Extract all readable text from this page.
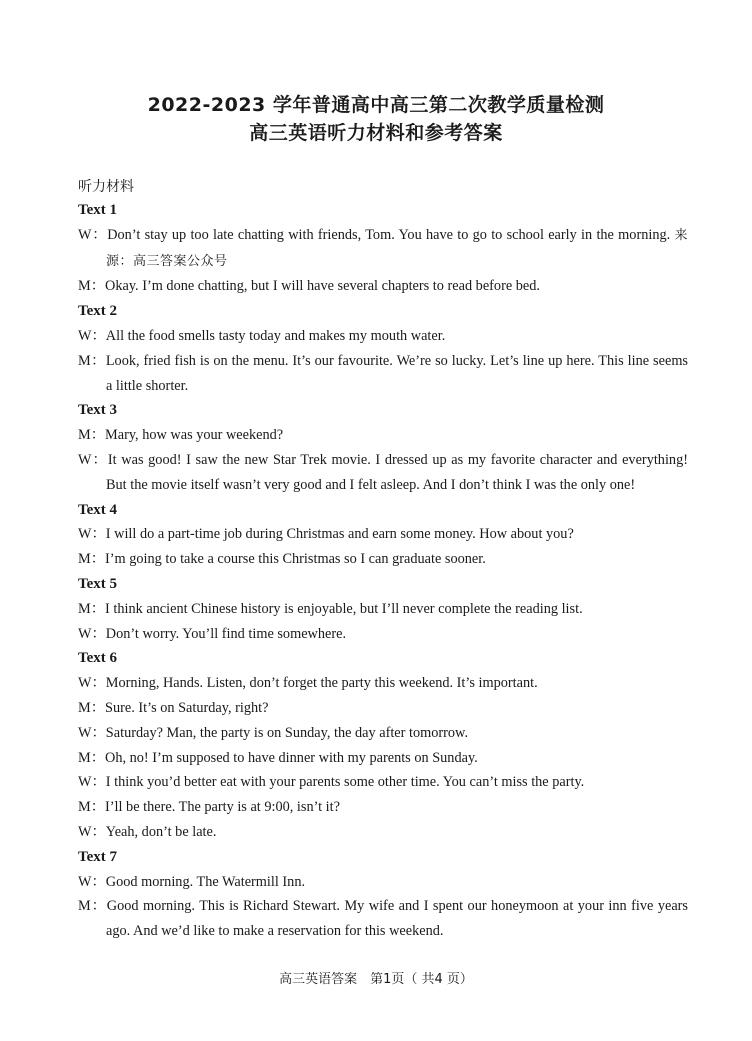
2022-2023 学年普通高中高三第二次教学质量检测
高三英语听力材料和参考答案
听力材料
Text 1
W：Don’t stay up too late chatting with friends, Tom. You have to go to school early in the morning. 来源：高三答案公众号
M：Okay. I’m done chatting, but I will have several chapters to read before bed.
Text 2
W：All the food smells tasty today and makes my mouth water.
M：Look, fried fish is on the menu. It’s our favourite. We’re so lucky. Let’s line up here. This line seems a little shorter.
Text 3
M：Mary, how was your weekend?
W：It was good! I saw the new Star Trek movie. I dressed up as my favorite character and everything! But the movie itself wasn’t very good and I felt asleep. And I don’t think I was the only one!
Text 4
W：I will do a part-time job during Christmas and earn some money. How about you?
M：I’m going to take a course this Christmas so I can graduate sooner.
Text 5
M：I think ancient Chinese history is enjoyable, but I’ll never complete the reading list.
W：Don’t worry. You’ll find time somewhere.
Text 6
W：Morning, Hands. Listen, don’t forget the party this weekend. It’s important.
M：Sure. It’s on Saturday, right?
W：Saturday? Man, the party is on Sunday, the day after tomorrow.
M：Oh, no! I’m supposed to have dinner with my parents on Sunday.
W：I think you’d better eat with your parents some other time. You can’t miss the party.
M：I’ll be there. The party is at 9:00, isn’t it?
W：Yeah, don’t be late.
Text 7
W：Good morning. The Watermill Inn.
M：Good morning. This is Richard Stewart. My wife and I spent our honeymoon at your inn five years ago. And we’d like to make a reservation for this weekend.
高三英语答案　第1页（ 共4 页）
